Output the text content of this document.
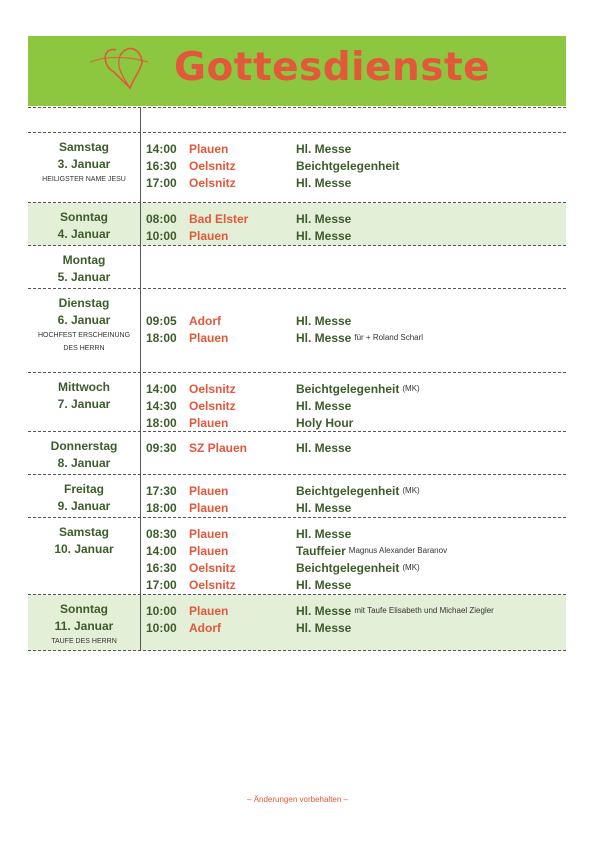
Gottesdienste
Samstag
3. Januar
HEILIGSTER NAME JESU
14:00	Plauen	Hl. Messe
16:30	Oelsnitz	Beichtgelegenheit
17:00	Oelsnitz	Hl. Messe
Sonntag
4. Januar
08:00	Bad Elster	Hl. Messe
10:00	Plauen	Hl. Messe
Montag
5. Januar
Dienstag
6. Januar
HOCHFEST ERSCHEINUNG DES HERRN
09:05	Adorf	Hl. Messe
18:00	Plauen	Hl. Messe für + Roland Scharl
Mittwoch
7. Januar
14:00	Oelsnitz	Beichtgelegenheit (MK)
14:30	Oelsnitz	Hl. Messe
18:00	Plauen	Holy Hour
Donnerstag
8. Januar
09:30	SZ Plauen	Hl. Messe
Freitag
9. Januar
17:30	Plauen	Beichtgelegenheit (MK)
18:00	Plauen	Hl. Messe
Samstag
10. Januar
08:30	Plauen	Hl. Messe
14:00	Plauen	Tauffeier Magnus Alexander Baranov
16:30	Oelsnitz	Beichtgelegenheit (MK)
17:00	Oelsnitz	Hl. Messe
Sonntag
11. Januar
TAUFE DES HERRN
10:00	Plauen	Hl. Messe mit Taufe Elisabeth und Michael Ziegler
10:00	Adorf	Hl. Messe
– Änderungen vorbehalten –
